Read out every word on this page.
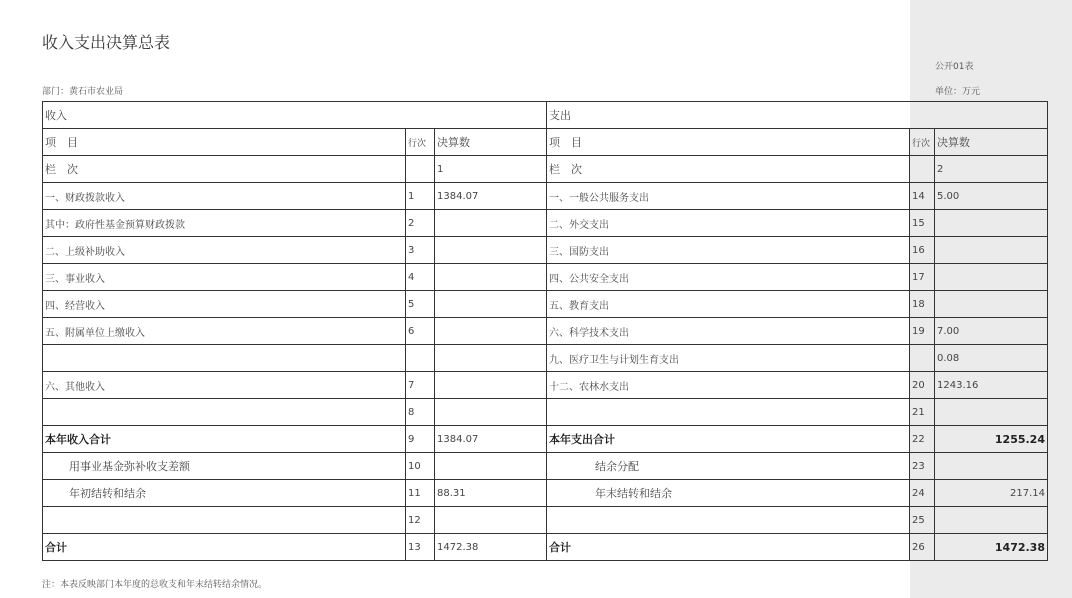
收入支出决算总表
公开01表
部门：黄石市农业局	单位：万元
收入			支出		
项　目	行次	决算数	项　目	行次	决算数
栏　次		1	栏　次		2
一、财政拨款收入	1	1384.07	一、一般公共服务支出	14	5.00
其中：政府性基金预算财政拨款	2		二、外交支出	15	
二、上级补助收入	3		三、国防支出	16	
三、事业收入	4		四、公共安全支出	17	
四、经营收入	5		五、教育支出	18	
五、附属单位上缴收入	6		六、科学技术支出	19	7.00
			九、医疗卫生与计划生育支出		0.08
六、其他收入	7		十二、农林水支出	20	1243.16
	8			21	
本年收入合计	9	1384.07	本年支出合计	22	1255.24
用事业基金弥补收支差额	10		结余分配	23	
年初结转和结余	11	88.31	年末结转和结余	24	217.14
	12			25	
合计	13	1472.38	合计	26	1472.38
注：本表反映部门本年度的总收支和年末结转结余情况。
